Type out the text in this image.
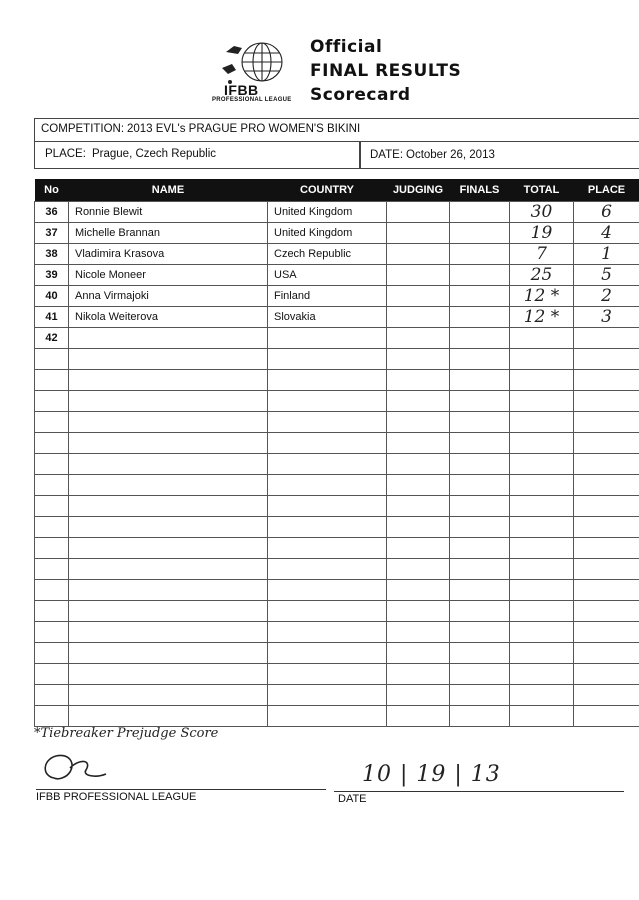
IFBB
PROFESSIONAL LEAGUE
Official
FINAL RESULTS
Scorecard
COMPETITION: 2013 EVL's PRAGUE PRO WOMEN'S BIKINI
PLACE: Prague, Czech Republic	DATE: October 26, 2013
No	NAME	COUNTRY	JUDGING	FINALS	TOTAL	PLACE
36	Ronnie Blewit	United Kingdom			30	6
37	Michelle Brannan	United Kingdom			19	4
38	Vladimira Krasova	Czech Republic			7	1
39	Nicole Moneer	USA			25	5
40	Anna Virmajoki	Finland			12 *	2
41	Nikola Weiterova	Slovakia			12 *	3
42						

*Tiebreaker Prejudge Score
IFBB PROFESSIONAL LEAGUE
10 | 19 | 13
DATE
